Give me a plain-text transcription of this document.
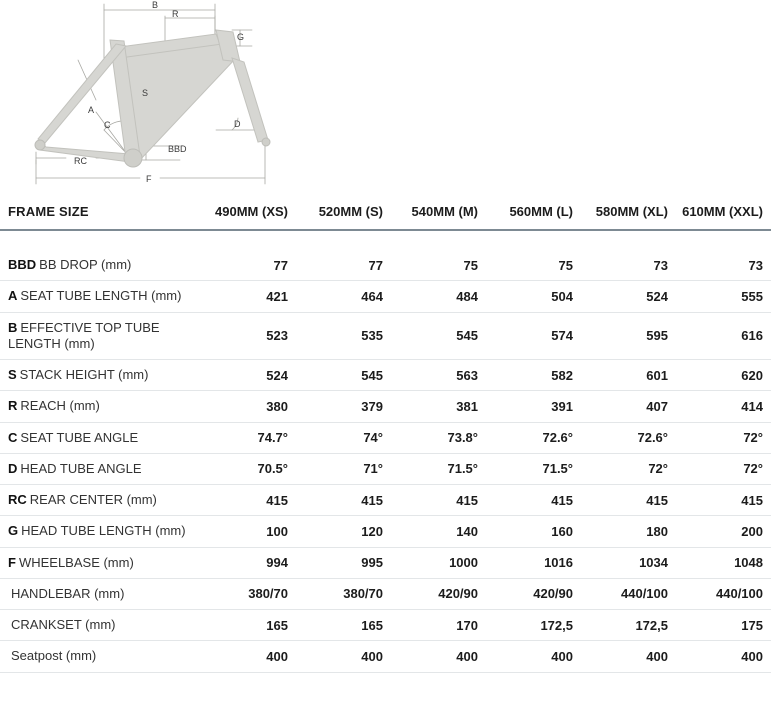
B
R
G
S
A
C	D
BBD
RC
F
FRAME SIZE	490MM (XS)	520MM (S)	540MM (M)	560MM (L)	580MM (XL)	610MM (XXL)

BBD BB DROP (mm)	77	77	75	75	73	73
A SEAT TUBE LENGTH (mm)	421	464	484	504	524	555
B EFFECTIVE TOP TUBE LENGTH (mm)	523	535	545	574	595	616
S STACK HEIGHT (mm)	524	545	563	582	601	620
R REACH (mm)	380	379	381	391	407	414
C SEAT TUBE ANGLE	74.7°	74°	73.8°	72.6°	72.6°	72°
D HEAD TUBE ANGLE	70.5°	71°	71.5°	71.5°	72°	72°
RC REAR CENTER (mm)	415	415	415	415	415	415
G HEAD TUBE LENGTH (mm)	100	120	140	160	180	200
F WHEELBASE (mm)	994	995	1000	1016	1034	1048
HANDLEBAR (mm)	380/70	380/70	420/90	420/90	440/100	440/100
CRANKSET (mm)	165	165	170	172,5	172,5	175
Seatpost (mm)	400	400	400	400	400	400
